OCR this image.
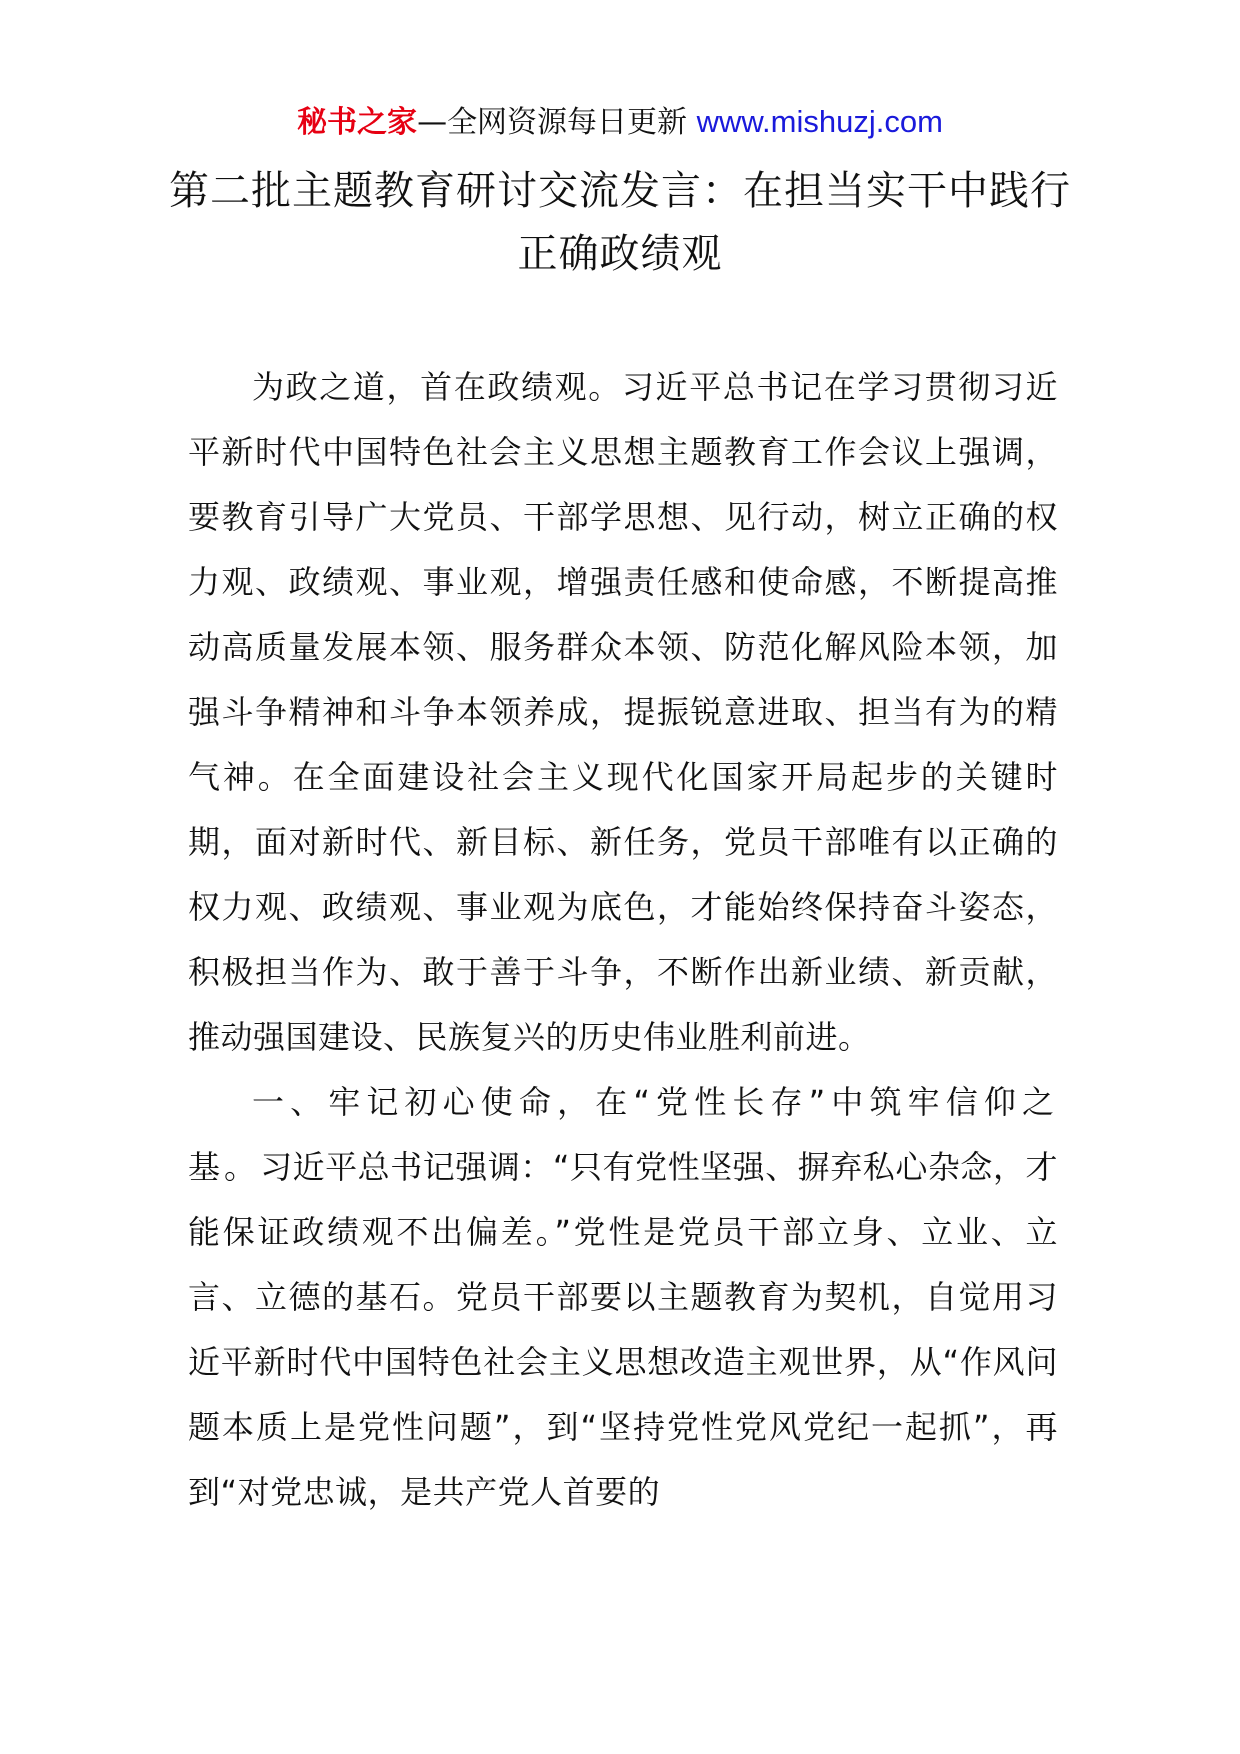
秘书之家—全网资源每日更新 www.mishuzj.com
第二批主题教育研讨交流发言：在担当实干中践行正确政绩观

为政之道，首在政绩观。习近平总书记在学习贯彻习近平新时代中国特色社会主义思想主题教育工作会议上强调，要教育引导广大党员、干部学思想、见行动，树立正确的权力观、政绩观、事业观，增强责任感和使命感，不断提高推动高质量发展本领、服务群众本领、防范化解风险本领，加强斗争精神和斗争本领养成，提振锐意进取、担当有为的精气神。在全面建设社会主义现代化国家开局起步的关键时期，面对新时代、新目标、新任务，党员干部唯有以正确的权力观、政绩观、事业观为底色，才能始终保持奋斗姿态，积极担当作为、敢于善于斗争，不断作出新业绩、新贡献，推动强国建设、民族复兴的历史伟业胜利前进。

一、牢记初心使命，在“党性长存”中筑牢信仰之基。习近平总书记强调：“只有党性坚强、摒弃私心杂念，才能保证政绩观不出偏差。”党性是党员干部立身、立业、立言、立德的基石。党员干部要以主题教育为契机，自觉用习近平新时代中国特色社会主义思想改造主观世界，从“作风问题本质上是党性问题”，到“坚持党性党风党纪一起抓”，再到“对党忠诚，是共产党人首要的
